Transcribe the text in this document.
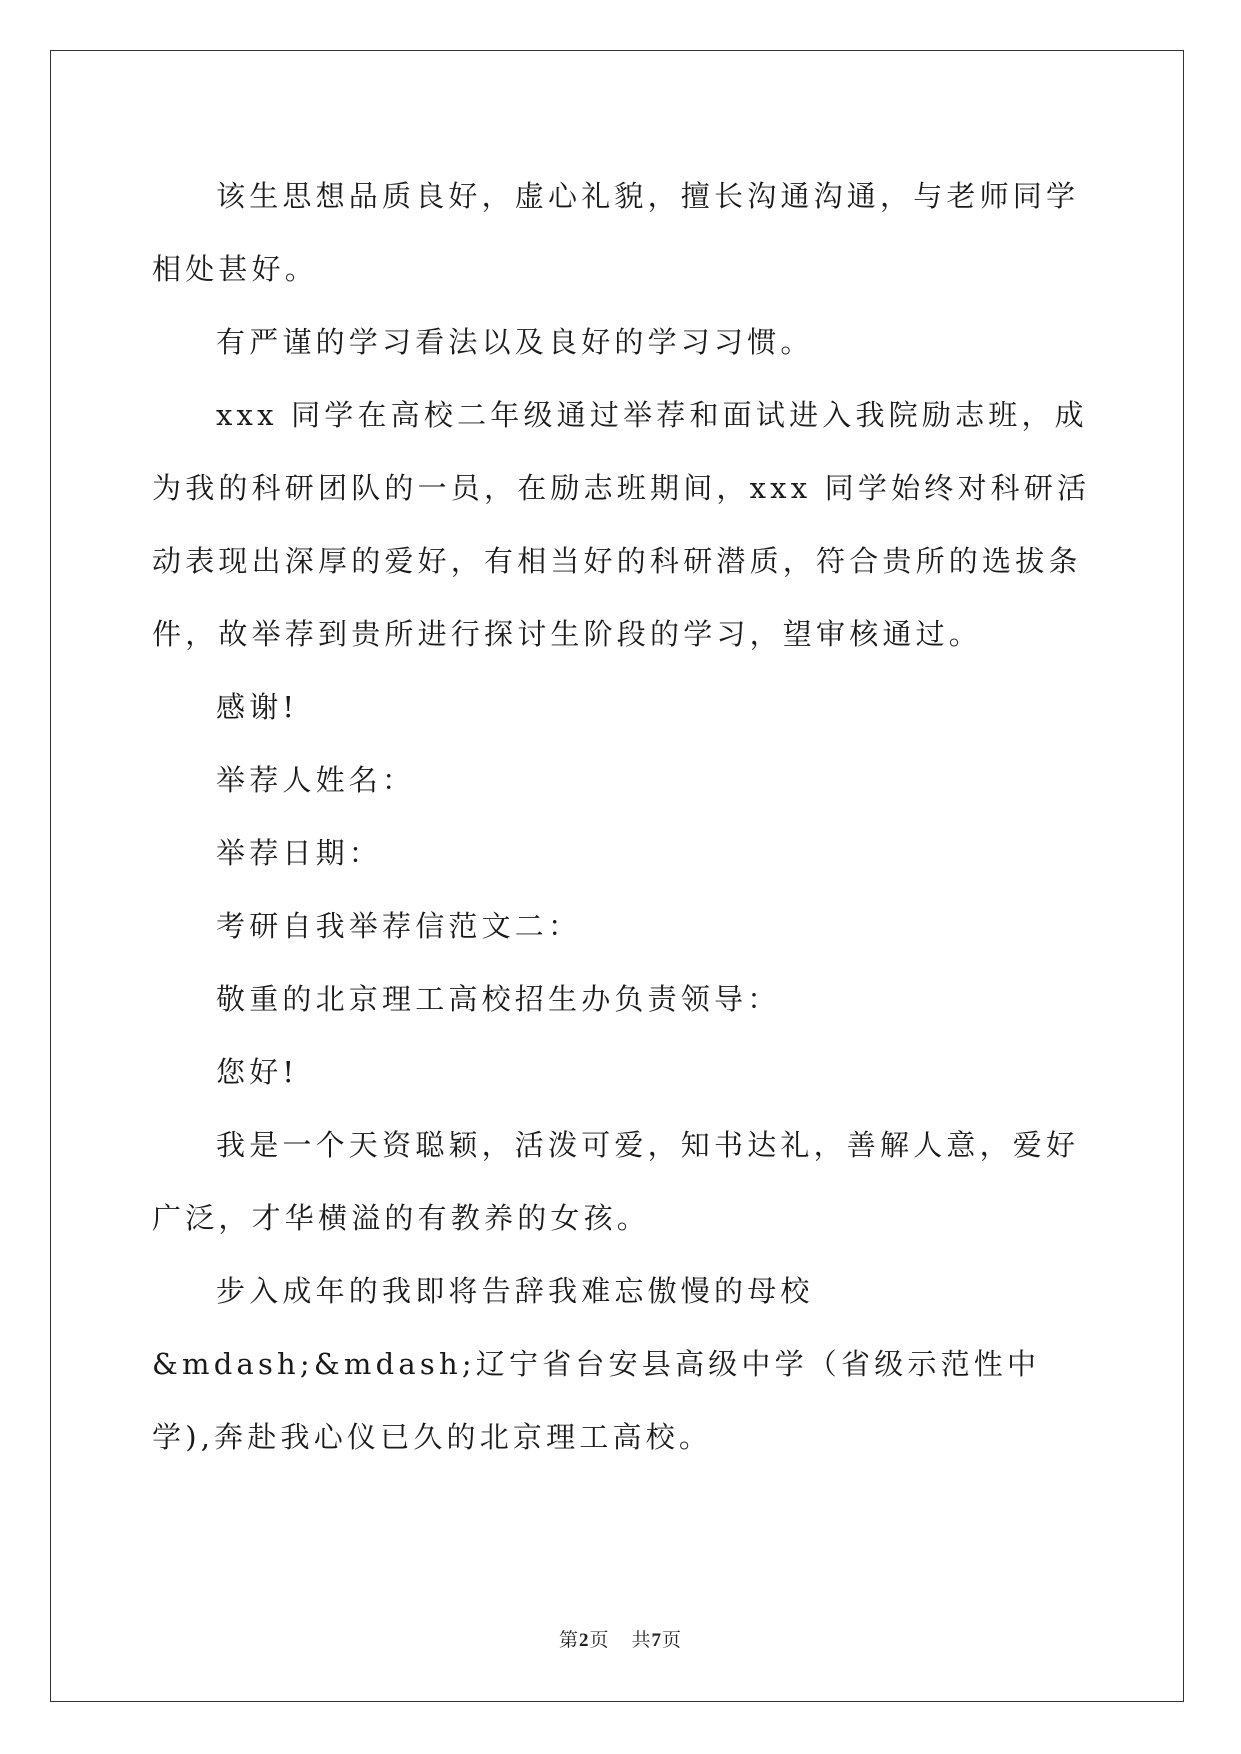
该生思想品质良好，虚心礼貌，擅长沟通沟通，与老师同学相处甚好。

有严谨的学习看法以及良好的学习习惯。

xxx 同学在高校二年级通过举荐和面试进入我院励志班，成为我的科研团队的一员，在励志班期间，xxx 同学始终对科研活动表现出深厚的爱好，有相当好的科研潜质，符合贵所的选拔条件，故举荐到贵所进行探讨生阶段的学习，望审核通过。

感谢!

举荐人姓名：

举荐日期：

考研自我举荐信范文二：

敬重的北京理工高校招生办负责领导：

您好!

我是一个天资聪颖，活泼可爱，知书达礼，善解人意，爱好广泛，才华横溢的有教养的女孩。

步入成年的我即将告辞我难忘傲慢的母校&mdash;&mdash;辽宁省台安县高级中学（省级示范性中学),奔赴我心仪已久的北京理工高校。

第2页 共7页
